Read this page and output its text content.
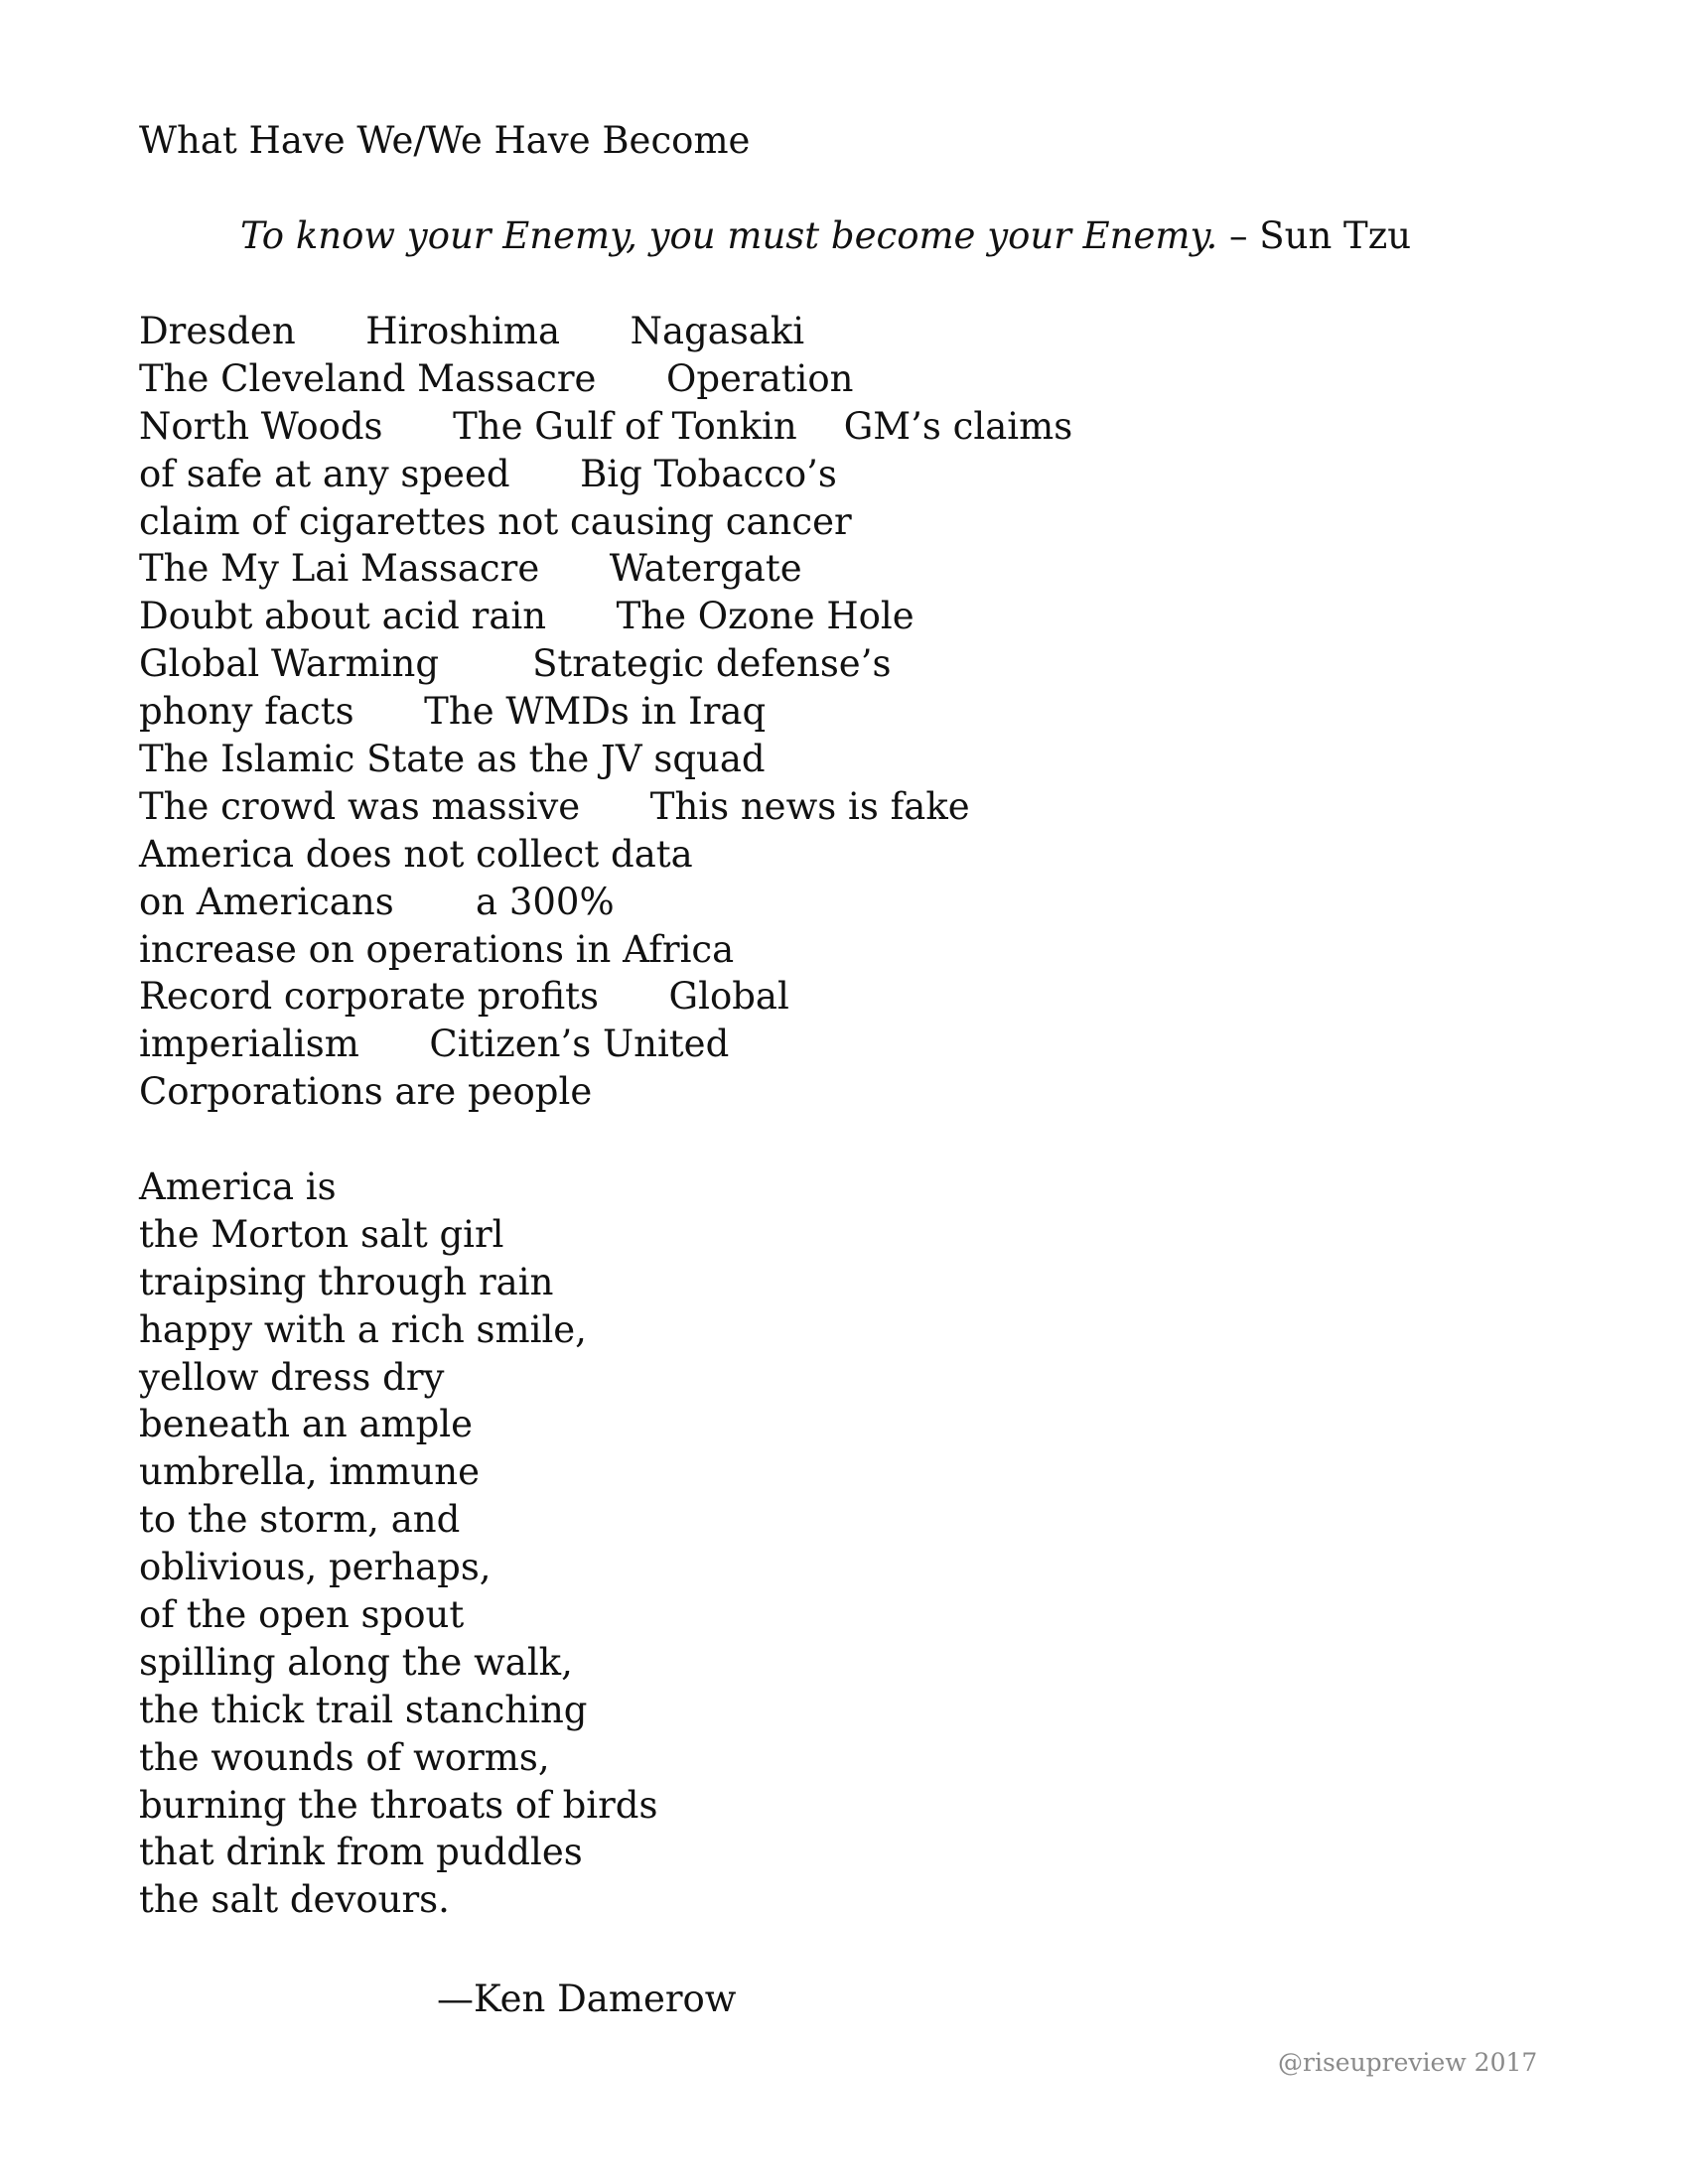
What Have We/We Have Become
To know your Enemy, you must become your Enemy. – Sun Tzu
Dresden      Hiroshima      Nagasaki
The Cleveland Massacre      Operation
North Woods      The Gulf of Tonkin    GM’s claims
of safe at any speed      Big Tobacco’s
claim of cigarettes not causing cancer
The My Lai Massacre      Watergate
Doubt about acid rain      The Ozone Hole
Global Warming        Strategic defense’s
phony facts      The WMDs in Iraq
The Islamic State as the JV squad
The crowd was massive      This news is fake
America does not collect data
on Americans       a 300%
increase on operations in Africa
Record corporate profits      Global
imperialism      Citizen’s United
Corporations are people
America is
the Morton salt girl
traipsing through rain
happy with a rich smile,
yellow dress dry
beneath an ample
umbrella, immune
to the storm, and
oblivious, perhaps,
of the open spout
spilling along the walk,
the thick trail stanching
the wounds of worms,
burning the throats of birds
that drink from puddles
the salt devours.
—Ken Damerow
@riseupreview 2017
